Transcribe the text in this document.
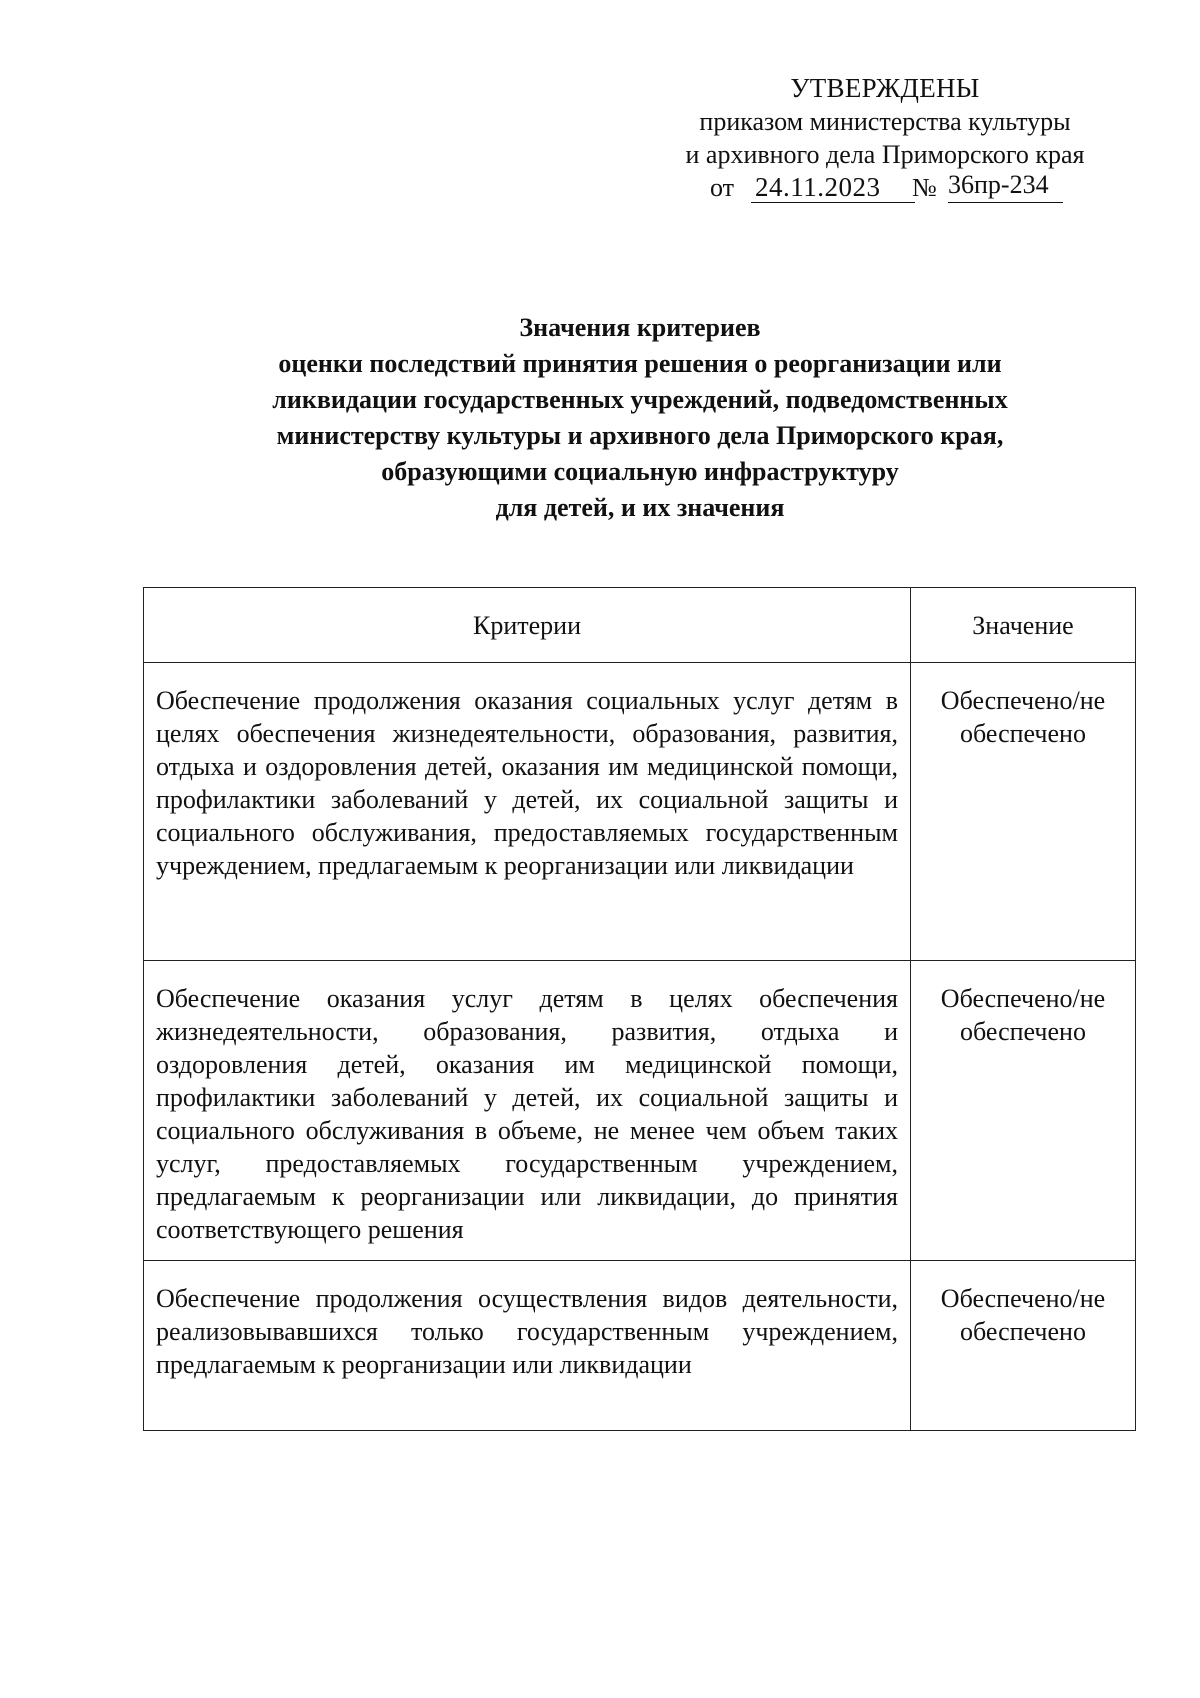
УТВЕРЖДЕНЫ
приказом министерства культуры
и архивного дела Приморского края
от 24.11.2023	№ 36пр-234
Значения критериев
оценки последствий принятия решения о реорганизации или
ликвидации государственных учреждений, подведомственных
министерству культуры и архивного дела Приморского края,
образующими социальную инфраструктуру
для детей, и их значения
Критерии	Значение
Обеспечение продолжения оказания социальных услуг детям в целях обеспечения жизнедеятельности, образования, развития, отдыха и оздоровления детей, оказания им медицинской помощи, профилактики заболеваний у детей, их социальной защиты и социального обслуживания, предоставляемых государственным учреждением, предлагаемым к реорганизации или ликвидации	Обеспечено/не обеспечено
Обеспечение оказания услуг детям в целях обеспечения жизнедеятельности, образования, развития, отдыха и оздоровления детей, оказания им медицинской помощи, профилактики заболеваний у детей, их социальной защиты и социального обслуживания в объеме, не менее чем объем таких услуг, предоставляемых государственным учреждением, предлагаемым к реорганизации или ликвидации, до принятия соответствующего решения	Обеспечено/не обеспечено
Обеспечение продолжения осуществления видов деятельности, реализовывавшихся только государственным учреждением, предлагаемым к реорганизации или ликвидации	Обеспечено/не обеспечено
